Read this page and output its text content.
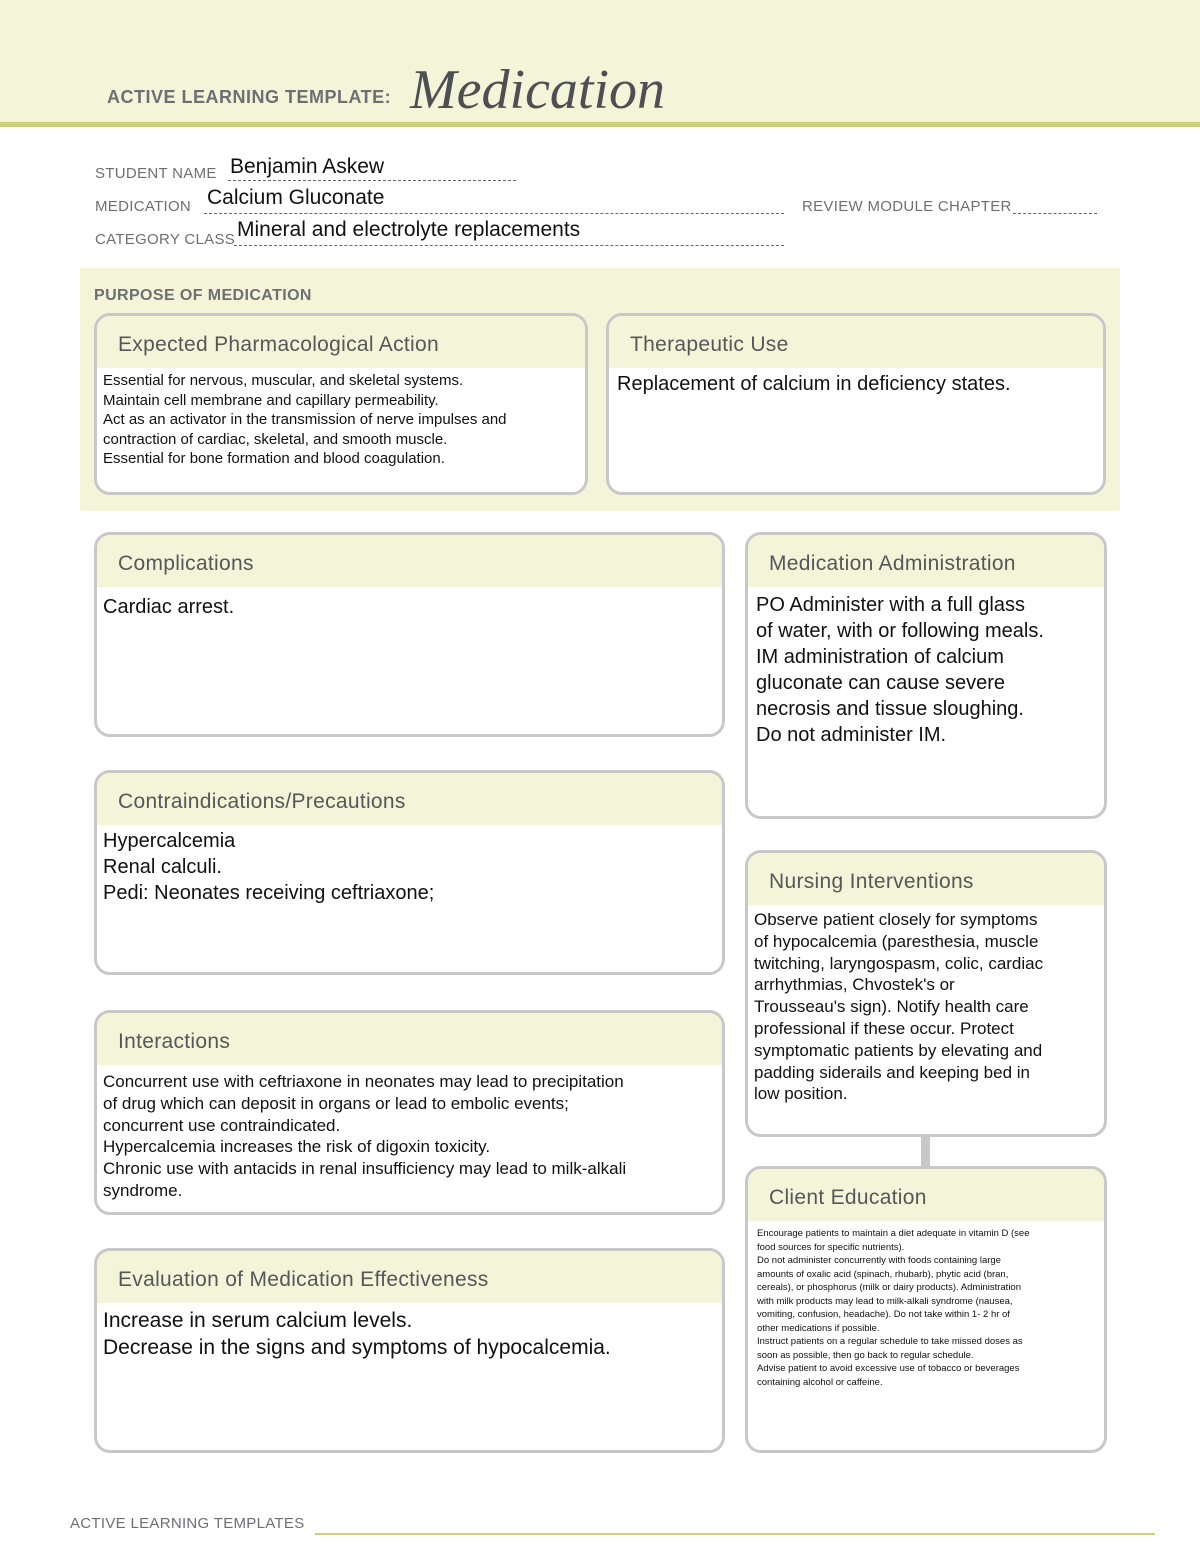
ACTIVE LEARNING TEMPLATE: Medication
STUDENT NAME Benjamin Askew
MEDICATION Calcium Gluconate	REVIEW MODULE CHAPTER
CATEGORY CLASS Mineral and electrolyte replacements
PURPOSE OF MEDICATION
Expected Pharmacological Action
Essential for nervous, muscular, and skeletal systems.
Maintain cell membrane and capillary permeability.
Act as an activator in the transmission of nerve impulses and
contraction of cardiac, skeletal, and smooth muscle.
Essential for bone formation and blood coagulation.
Therapeutic Use
Replacement of calcium in deficiency states.
Complications
Cardiac arrest.
Contraindications/Precautions
Hypercalcemia
Renal calculi.
Pedi: Neonates receiving ceftriaxone;
Interactions
Concurrent use with ceftriaxone in neonates may lead to precipitation
of drug which can deposit in organs or lead to embolic events;
concurrent use contraindicated.
Hypercalcemia increases the risk of digoxin toxicity.
Chronic use with antacids in renal insufficiency may lead to milk-alkali
syndrome.
Evaluation of Medication Effectiveness
Increase in serum calcium levels.
Decrease in the signs and symptoms of hypocalcemia.
Medication Administration
PO Administer with a full glass
of water, with or following meals.
IM administration of calcium
gluconate can cause severe
necrosis and tissue sloughing.
Do not administer IM.
Nursing Interventions
Observe patient closely for symptoms
of hypocalcemia (paresthesia, muscle
twitching, laryngospasm, colic, cardiac
arrhythmias, Chvostek's or
Trousseau's sign). Notify health care
professional if these occur. Protect
symptomatic patients by elevating and
padding siderails and keeping bed in
low position.
Client Education
Encourage patients to maintain a diet adequate in vitamin D (see
food sources for specific nutrients).
Do not administer concurrently with foods containing large
amounts of oxalic acid (spinach, rhubarb), phytic acid (bran,
cereals), or phosphorus (milk or dairy products). Administration
with milk products may lead to milk-alkali syndrome (nausea,
vomiting, confusion, headache). Do not take within 1- 2 hr of
other medications if possible.
Instruct patients on a regular schedule to take missed doses as
soon as possible, then go back to regular schedule.
Advise patient to avoid excessive use of tobacco or beverages
containing alcohol or caffeine.
ACTIVE LEARNING TEMPLATES
